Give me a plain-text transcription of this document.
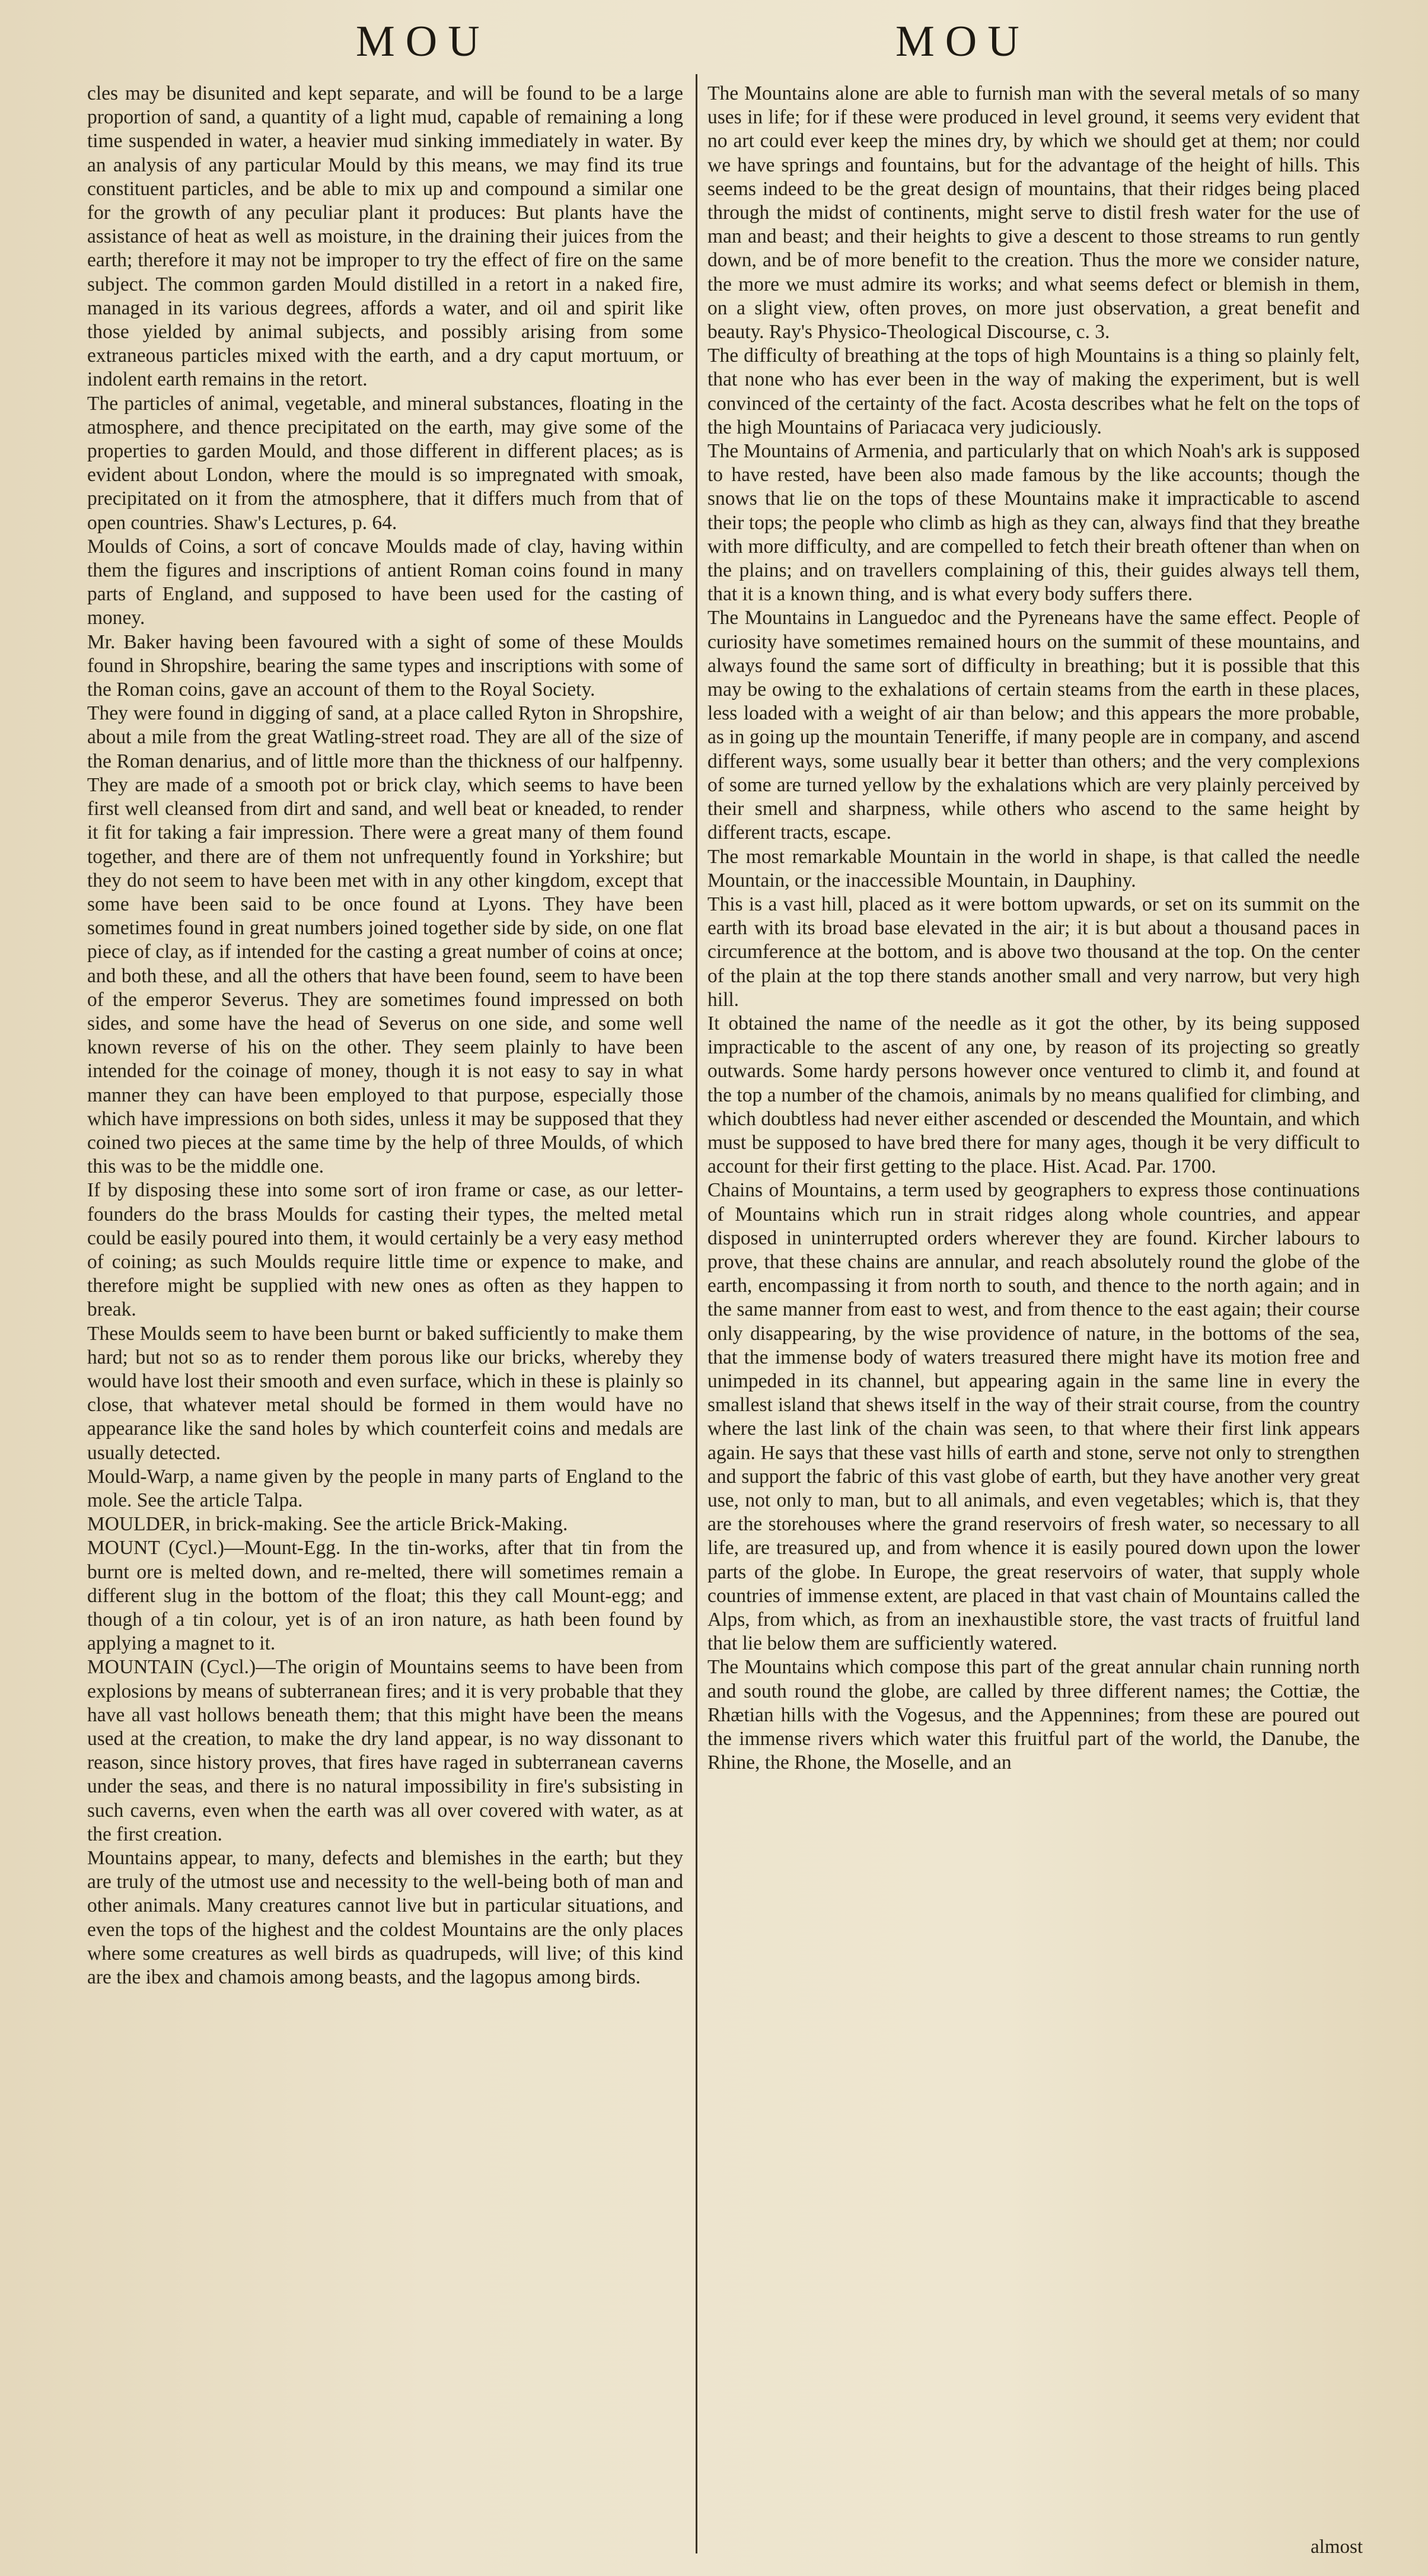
MOU	MOU

cles may be disunited and kept separate, and will be found to be a large proportion of sand, a quantity of a light mud, capable of remaining a long time suspended in water, a heavier mud sinking immediately in water. By an analysis of any particular Mould by this means, we may find its true constituent particles, and be able to mix up and compound a similar one for the growth of any peculiar plant it produces: But plants have the assistance of heat as well as moisture, in the draining their juices from the earth; therefore it may not be improper to try the effect of fire on the same subject. The common garden Mould distilled in a retort in a naked fire, managed in its various degrees, affords a water, and oil and spirit like those yielded by animal subjects, and possibly arising from some extraneous particles mixed with the earth, and a dry caput mortuum, or indolent earth remains in the retort.

The particles of animal, vegetable, and mineral substances, floating in the atmosphere, and thence precipitated on the earth, may give some of the properties to garden Mould, and those different in different places; as is evident about London, where the mould is so impregnated with smoak, precipitated on it from the atmosphere, that it differs much from that of open countries. Shaw's Lectures, p. 64.

Moulds of Coins, a sort of concave Moulds made of clay, having within them the figures and inscriptions of antient Roman coins found in many parts of England, and supposed to have been used for the casting of money.

Mr. Baker having been favoured with a sight of some of these Moulds found in Shropshire, bearing the same types and inscriptions with some of the Roman coins, gave an account of them to the Royal Society.

They were found in digging of sand, at a place called Ryton in Shropshire, about a mile from the great Watling-street road. They are all of the size of the Roman denarius, and of little more than the thickness of our halfpenny. They are made of a smooth pot or brick clay, which seems to have been first well cleansed from dirt and sand, and well beat or kneaded, to render it fit for taking a fair impression. There were a great many of them found together, and there are of them not unfrequently found in Yorkshire; but they do not seem to have been met with in any other kingdom, except that some have been said to be once found at Lyons. They have been sometimes found in great numbers joined together side by side, on one flat piece of clay, as if intended for the casting a great number of coins at once; and both these, and all the others that have been found, seem to have been of the emperor Severus. They are sometimes found impressed on both sides, and some have the head of Severus on one side, and some well known reverse of his on the other. They seem plainly to have been intended for the coinage of money, though it is not easy to say in what manner they can have been employed to that purpose, especially those which have impressions on both sides, unless it may be supposed that they coined two pieces at the same time by the help of three Moulds, of which this was to be the middle one.

If by disposing these into some sort of iron frame or case, as our letter-founders do the brass Moulds for casting their types, the melted metal could be easily poured into them, it would certainly be a very easy method of coining; as such Moulds require little time or expence to make, and therefore might be supplied with new ones as often as they happen to break.

These Moulds seem to have been burnt or baked sufficiently to make them hard; but not so as to render them porous like our bricks, whereby they would have lost their smooth and even surface, which in these is plainly so close, that whatever metal should be formed in them would have no appearance like the sand holes by which counterfeit coins and medals are usually detected.

Mould-Warp, a name given by the people in many parts of England to the mole. See the article Talpa.

MOULDER, in brick-making. See the article Brick-Making.

MOUNT (Cycl.)—Mount-Egg. In the tin-works, after that tin from the burnt ore is melted down, and re-melted, there will sometimes remain a different slug in the bottom of the float; this they call Mount-egg; and though of a tin colour, yet is of an iron nature, as hath been found by applying a magnet to it.

MOUNTAIN (Cycl.)—The origin of Mountains seems to have been from explosions by means of subterranean fires; and it is very probable that they have all vast hollows beneath them; that this might have been the means used at the creation, to make the dry land appear, is no way dissonant to reason, since history proves, that fires have raged in subterranean caverns under the seas, and there is no natural impossibility in fire's subsisting in such caverns, even when the earth was all over covered with water, as at the first creation.

Mountains appear, to many, defects and blemishes in the earth; but they are truly of the utmost use and necessity to the well-being both of man and other animals. Many creatures cannot live but in particular situations, and even the tops of the highest and the coldest Mountains are the only places where some creatures as well birds as quadrupeds, will live; of this kind are the ibex and chamois among beasts, and the lagopus among birds.

The Mountains alone are able to furnish man with the several metals of so many uses in life; for if these were produced in level ground, it seems very evident that no art could ever keep the mines dry, by which we should get at them; nor could we have springs and fountains, but for the advantage of the height of hills. This seems indeed to be the great design of mountains, that their ridges being placed through the midst of continents, might serve to distil fresh water for the use of man and beast; and their heights to give a descent to those streams to run gently down, and be of more benefit to the creation. Thus the more we consider nature, the more we must admire its works; and what seems defect or blemish in them, on a slight view, often proves, on more just observation, a great benefit and beauty. Ray's Physico-Theological Discourse, c. 3.

The difficulty of breathing at the tops of high Mountains is a thing so plainly felt, that none who has ever been in the way of making the experiment, but is well convinced of the certainty of the fact. Acosta describes what he felt on the tops of the high Mountains of Pariacaca very judiciously.

The Mountains of Armenia, and particularly that on which Noah's ark is supposed to have rested, have been also made famous by the like accounts; though the snows that lie on the tops of these Mountains make it impracticable to ascend their tops; the people who climb as high as they can, always find that they breathe with more difficulty, and are compelled to fetch their breath oftener than when on the plains; and on travellers complaining of this, their guides always tell them, that it is a known thing, and is what every body suffers there.

The Mountains in Languedoc and the Pyreneans have the same effect. People of curiosity have sometimes remained hours on the summit of these mountains, and always found the same sort of difficulty in breathing; but it is possible that this may be owing to the exhalations of certain steams from the earth in these places, less loaded with a weight of air than below; and this appears the more probable, as in going up the mountain Teneriffe, if many people are in company, and ascend different ways, some usually bear it better than others; and the very complexions of some are turned yellow by the exhalations which are very plainly perceived by their smell and sharpness, while others who ascend to the same height by different tracts, escape.

The most remarkable Mountain in the world in shape, is that called the needle Mountain, or the inaccessible Mountain, in Dauphiny.

This is a vast hill, placed as it were bottom upwards, or set on its summit on the earth with its broad base elevated in the air; it is but about a thousand paces in circumference at the bottom, and is above two thousand at the top. On the center of the plain at the top there stands another small and very narrow, but very high hill.

It obtained the name of the needle as it got the other, by its being supposed impracticable to the ascent of any one, by reason of its projecting so greatly outwards. Some hardy persons however once ventured to climb it, and found at the top a number of the chamois, animals by no means qualified for climbing, and which doubtless had never either ascended or descended the Mountain, and which must be supposed to have bred there for many ages, though it be very difficult to account for their first getting to the place. Hist. Acad. Par. 1700.

Chains of Mountains, a term used by geographers to express those continuations of Mountains which run in strait ridges along whole countries, and appear disposed in uninterrupted orders wherever they are found. Kircher labours to prove, that these chains are annular, and reach absolutely round the globe of the earth, encompassing it from north to south, and thence to the north again; and in the same manner from east to west, and from thence to the east again; their course only disappearing, by the wise providence of nature, in the bottoms of the sea, that the immense body of waters treasured there might have its motion free and unimpeded in its channel, but appearing again in the same line in every the smallest island that shews itself in the way of their strait course, from the country where the last link of the chain was seen, to that where their first link appears again. He says that these vast hills of earth and stone, serve not only to strengthen and support the fabric of this vast globe of earth, but they have another very great use, not only to man, but to all animals, and even vegetables; which is, that they are the storehouses where the grand reservoirs of fresh water, so necessary to all life, are treasured up, and from whence it is easily poured down upon the lower parts of the globe. In Europe, the great reservoirs of water, that supply whole countries of immense extent, are placed in that vast chain of Mountains called the Alps, from which, as from an inexhaustible store, the vast tracts of fruitful land that lie below them are sufficiently watered.

The Mountains which compose this part of the great annular chain running north and south round the globe, are called by three different names; the Cottiæ, the Rhætian hills with the Vogesus, and the Appennines; from these are poured out the immense rivers which water this fruitful part of the world, the Danube, the Rhine, the Rhone, the Moselle, and an

almost
